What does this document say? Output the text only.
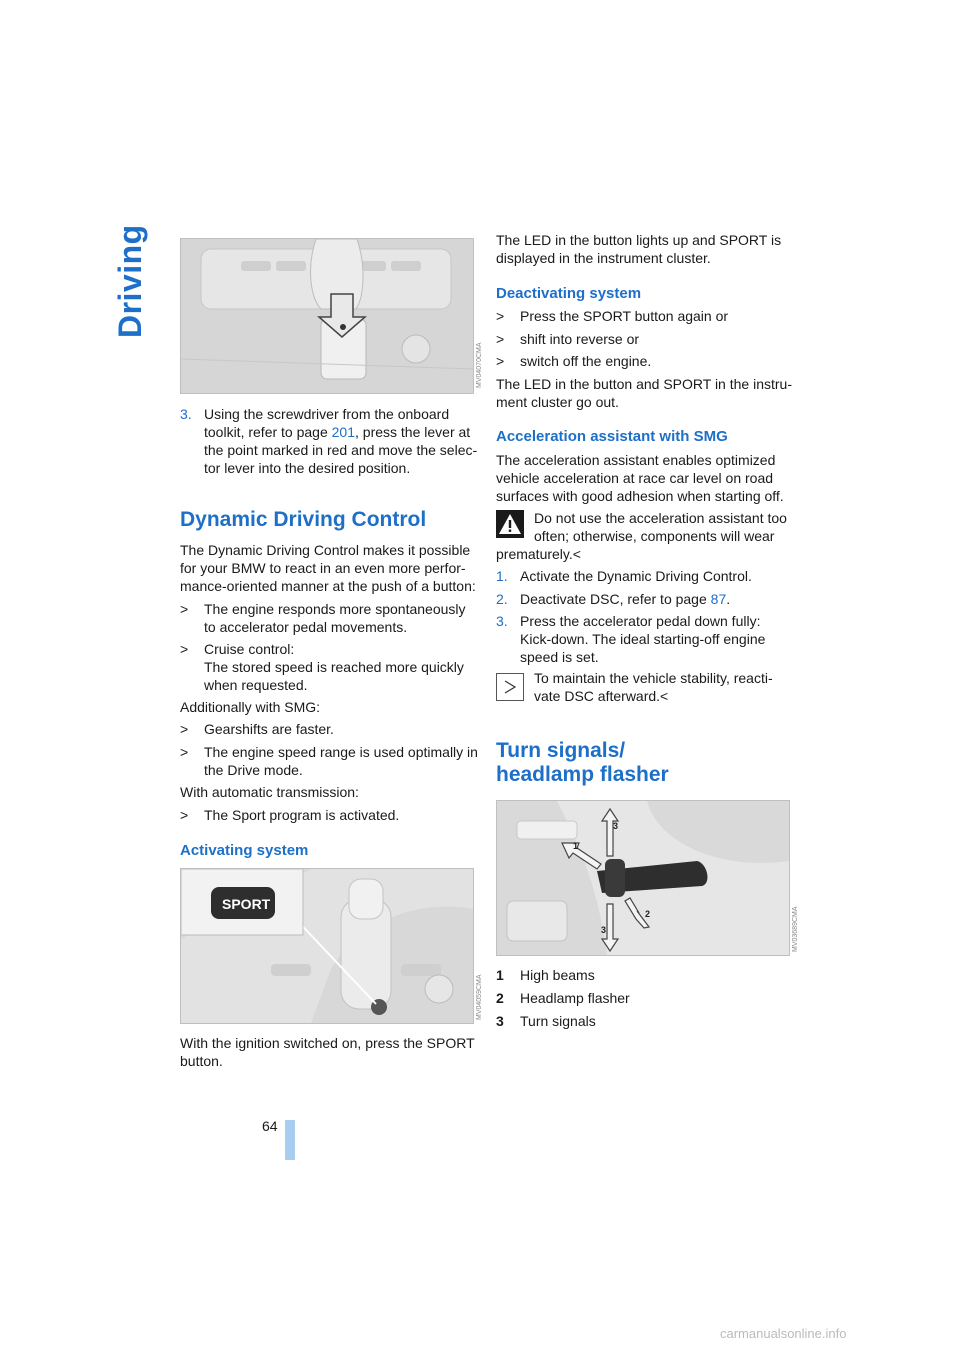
Driving
64
MV04070CMA
3. Using the screwdriver from the onboard
toolkit, refer to page 201, press the lever at
the point marked in red and move the selec-
tor lever into the desired position.
Dynamic Driving Control
The Dynamic Driving Control makes it possible
for your BMW to react in an even more perfor-
mance-oriented manner at the push of a button:
> The engine responds more spontaneously
to accelerator pedal movements.
> Cruise control:
The stored speed is reached more quickly
when requested.
Additionally with SMG:
> Gearshifts are faster.
> The engine speed range is used optimally in
the Drive mode.
With automatic transmission:
> The Sport program is activated.
Activating system
SPORT
MV04059CMA
With the ignition switched on, press the SPORT
button.
The LED in the button lights up and SPORT is
displayed in the instrument cluster.
Deactivating system
> Press the SPORT button again or
> shift into reverse or
> switch off the engine.
The LED in the button and SPORT in the instru-
ment cluster go out.
Acceleration assistant with SMG
The acceleration assistant enables optimized
vehicle acceleration at race car level on road
surfaces with good adhesion when starting off.
Do not use the acceleration assistant too
often; otherwise, components will wear
prematurely.<
1. Activate the Dynamic Driving Control.
2. Deactivate DSC, refer to page 87.
3. Press the accelerator pedal down fully:
Kick-down. The ideal starting-off engine
speed is set.
To maintain the vehicle stability, reacti-
vate DSC afterward.<
Turn signals/
headlamp flasher
3
1
2
3	MV03689CMA
1 High beams
2 Headlamp flasher
3 Turn signals
carmanualsonline.info
